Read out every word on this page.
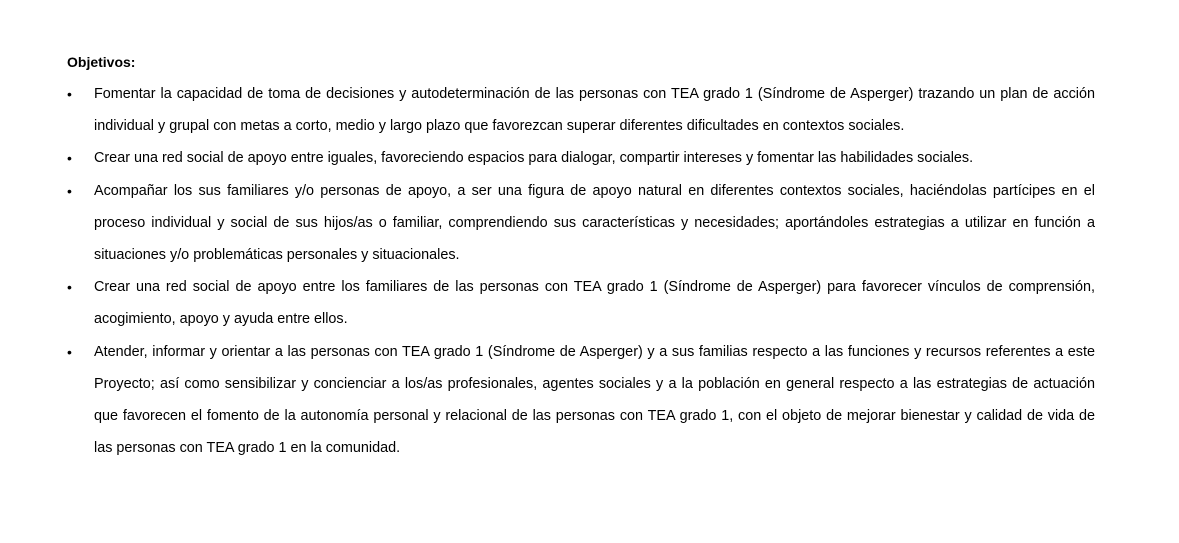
Objetivos:
•	Fomentar la capacidad de toma de decisiones y autodeterminación de las personas con TEA grado 1 (Síndrome de Asperger) trazando un plan de acción individual y grupal con metas a corto, medio y largo plazo que favorezcan superar diferentes dificultades en contextos sociales.
•	Crear una red social de apoyo entre iguales, favoreciendo espacios para dialogar, compartir intereses y fomentar las habilidades sociales.
•	Acompañar los sus familiares y/o personas de apoyo, a ser una figura de apoyo natural en diferentes contextos sociales, haciéndolas partícipes en el proceso individual y social de sus hijos/as o familiar, comprendiendo sus características y necesidades; aportándoles estrategias a utilizar en función a situaciones y/o problemáticas personales y situacionales.
•	Crear una red social de apoyo entre los familiares de las personas con TEA grado 1 (Síndrome de Asperger) para favorecer vínculos de comprensión, acogimiento, apoyo y ayuda entre ellos.
•	Atender, informar y orientar a las personas con TEA grado 1 (Síndrome de Asperger) y a sus familias respecto a las funciones y recursos referentes a este Proyecto; así como sensibilizar y concienciar a los/as profesionales, agentes sociales y a la población en general respecto a las estrategias de actuación que favorecen el fomento de la autonomía personal y relacional de las personas con TEA grado 1, con el objeto de mejorar bienestar y calidad de vida de las personas con TEA grado 1 en la comunidad.
